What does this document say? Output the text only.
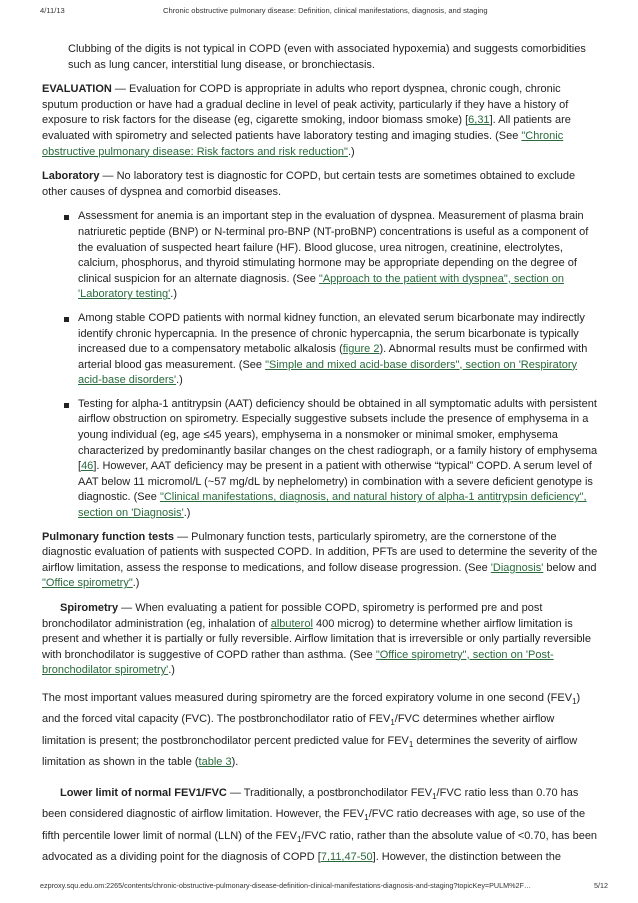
4/11/13	Chronic obstructive pulmonary disease: Definition, clinical manifestations, diagnosis, and staging

Clubbing of the digits is not typical in COPD (even with associated hypoxemia) and suggests comorbidities such as lung cancer, interstitial lung disease, or bronchiectasis.

EVALUATION — Evaluation for COPD is appropriate in adults who report dyspnea, chronic cough, chronic sputum production or have had a gradual decline in level of peak activity, particularly if they have a history of exposure to risk factors for the disease (eg, cigarette smoking, indoor biomass smoke) [6,31]. All patients are evaluated with spirometry and selected patients have laboratory testing and imaging studies. (See "Chronic obstructive pulmonary disease: Risk factors and risk reduction".)

Laboratory — No laboratory test is diagnostic for COPD, but certain tests are sometimes obtained to exclude other causes of dyspnea and comorbid diseases.

Assessment for anemia is an important step in the evaluation of dyspnea. Measurement of plasma brain natriuretic peptide (BNP) or N-terminal pro-BNP (NT-proBNP) concentrations is useful as a component of the evaluation of suspected heart failure (HF). Blood glucose, urea nitrogen, creatinine, electrolytes, calcium, phosphorus, and thyroid stimulating hormone may be appropriate depending on the degree of clinical suspicion for an alternate diagnosis. (See "Approach to the patient with dyspnea", section on 'Laboratory testing'.)
Among stable COPD patients with normal kidney function, an elevated serum bicarbonate may indirectly identify chronic hypercapnia. In the presence of chronic hypercapnia, the serum bicarbonate is typically increased due to a compensatory metabolic alkalosis (figure 2). Abnormal results must be confirmed with arterial blood gas measurement. (See "Simple and mixed acid-base disorders", section on 'Respiratory acid-base disorders'.)
Testing for alpha-1 antitrypsin (AAT) deficiency should be obtained in all symptomatic adults with persistent airflow obstruction on spirometry. Especially suggestive subsets include the presence of emphysema in a young individual (eg, age ≤45 years), emphysema in a nonsmoker or minimal smoker, emphysema characterized by predominantly basilar changes on the chest radiograph, or a family history of emphysema [46]. However, AAT deficiency may be present in a patient with otherwise “typical” COPD. A serum level of AAT below 11 micromol/L (~57 mg/dL by nephelometry) in combination with a severe deficient genotype is diagnostic. (See "Clinical manifestations, diagnosis, and natural history of alpha-1 antitrypsin deficiency", section on 'Diagnosis'.)

Pulmonary function tests — Pulmonary function tests, particularly spirometry, are the cornerstone of the diagnostic evaluation of patients with suspected COPD. In addition, PFTs are used to determine the severity of the airflow limitation, assess the response to medications, and follow disease progression. (See 'Diagnosis' below and "Office spirometry".)

Spirometry — When evaluating a patient for possible COPD, spirometry is performed pre and post bronchodilator administration (eg, inhalation of albuterol 400 microg) to determine whether airflow limitation is present and whether it is partially or fully reversible. Airflow limitation that is irreversible or only partially reversible with bronchodilator is suggestive of COPD rather than asthma. (See "Office spirometry", section on 'Post-bronchodilator spirometry'.)

The most important values measured during spirometry are the forced expiratory volume in one second $(FEV_1)$ and the forced vital capacity (FVC). The postbronchodilator ratio of $FEV_1$/FVC determines whether airflow limitation is present; the postbronchodilator percent predicted value for $FEV_1$ determines the severity of airflow limitation as shown in the table (table 3).

Lower limit of normal FEV1/FVC — Traditionally, a postbronchodilator $FEV_1$/FVC ratio less than 0.70 has been considered diagnostic of airflow limitation. However, the $FEV_1$/FVC ratio decreases with age, so use of the fifth percentile lower limit of normal (LLN) of the $FEV_1$/FVC ratio, rather than the absolute value of <0.70, has been advocated as a dividing point for the diagnosis of COPD [7,11,47-50]. However, the distinction between the

ezproxy.squ.edu.om:2265/contents/chronic-obstructive-pulmonary-disease-definition-clinical-manifestations-diagnosis-and-staging?topicKey=PULM%2F…	5/12
